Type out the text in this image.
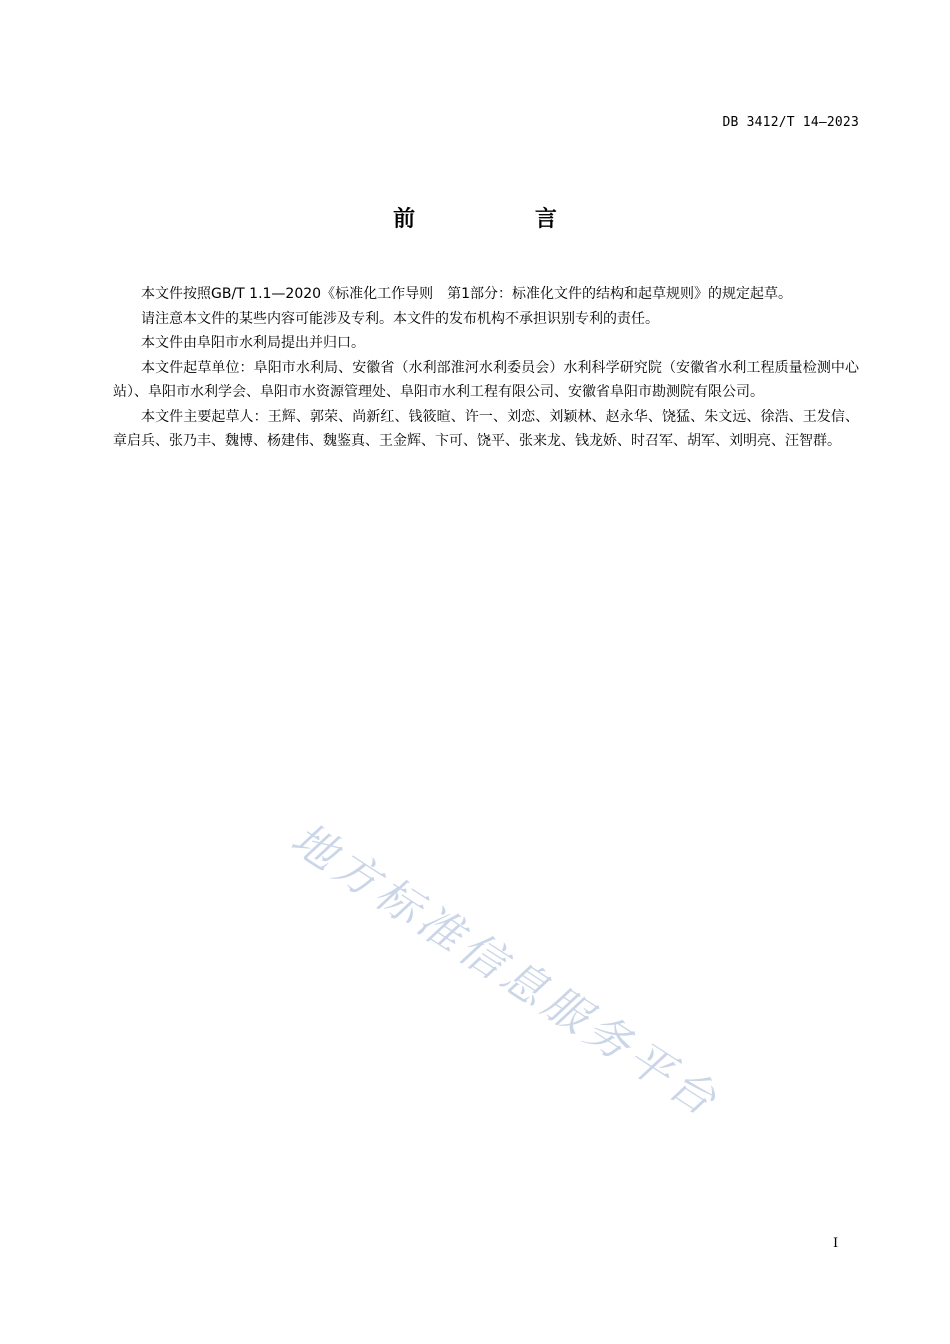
DB 3412/T 14—2023
前 言

本文件按照GB/T 1.1—2020《标准化工作导则　第1部分：标准化文件的结构和起草规则》的规定起草。

请注意本文件的某些内容可能涉及专利。本文件的发布机构不承担识别专利的责任。

本文件由阜阳市水利局提出并归口。

本文件起草单位：阜阳市水利局、安徽省（水利部淮河水利委员会）水利科学研究院（安徽省水利工程质量检测中心站）、阜阳市水利学会、阜阳市水资源管理处、阜阳市水利工程有限公司、安徽省阜阳市勘测院有限公司。

本文件主要起草人：王辉、郭荣、尚新红、钱筱暄、许一、刘恋、刘颖林、赵永华、饶猛、朱文远、徐浩、王发信、章启兵、张乃丰、魏博、杨建伟、魏鉴真、王金辉、卞可、饶平、张来龙、钱龙娇、时召军、胡军、刘明亮、汪智群。

地方标准信息服务平台
I
